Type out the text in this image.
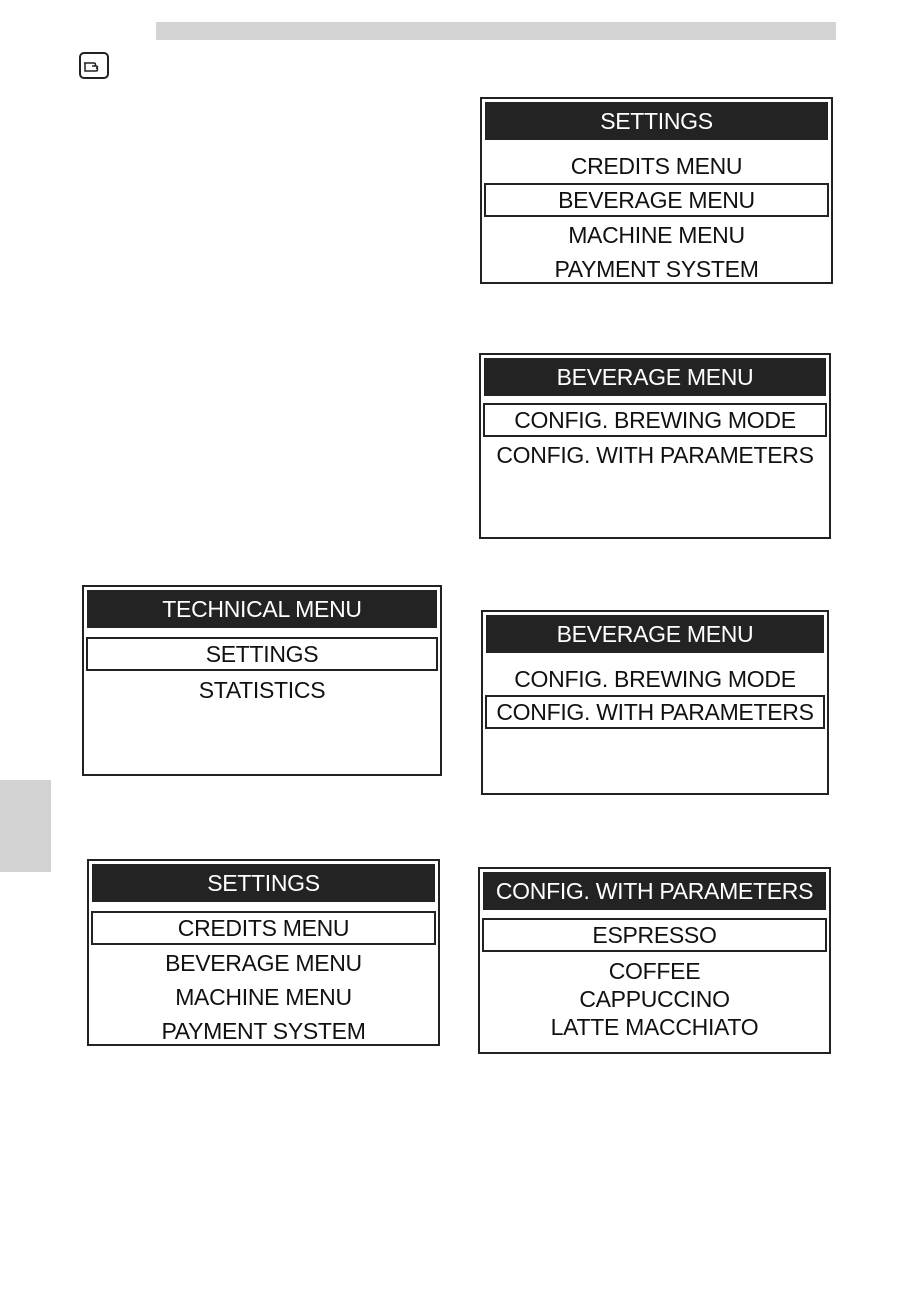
SETTINGS
CREDITS MENU
BEVERAGE MENU
MACHINE MENU
PAYMENT SYSTEM
BEVERAGE MENU
CONFIG. BREWING MODE
CONFIG. WITH PARAMETERS
TECHNICAL MENU
SETTINGS
STATISTICS
BEVERAGE MENU
CONFIG. BREWING MODE
CONFIG. WITH PARAMETERS
SETTINGS
CREDITS MENU
BEVERAGE MENU
MACHINE MENU
PAYMENT SYSTEM
CONFIG. WITH PARAMETERS
ESPRESSO
COFFEE
CAPPUCCINO
LATTE MACCHIATO
